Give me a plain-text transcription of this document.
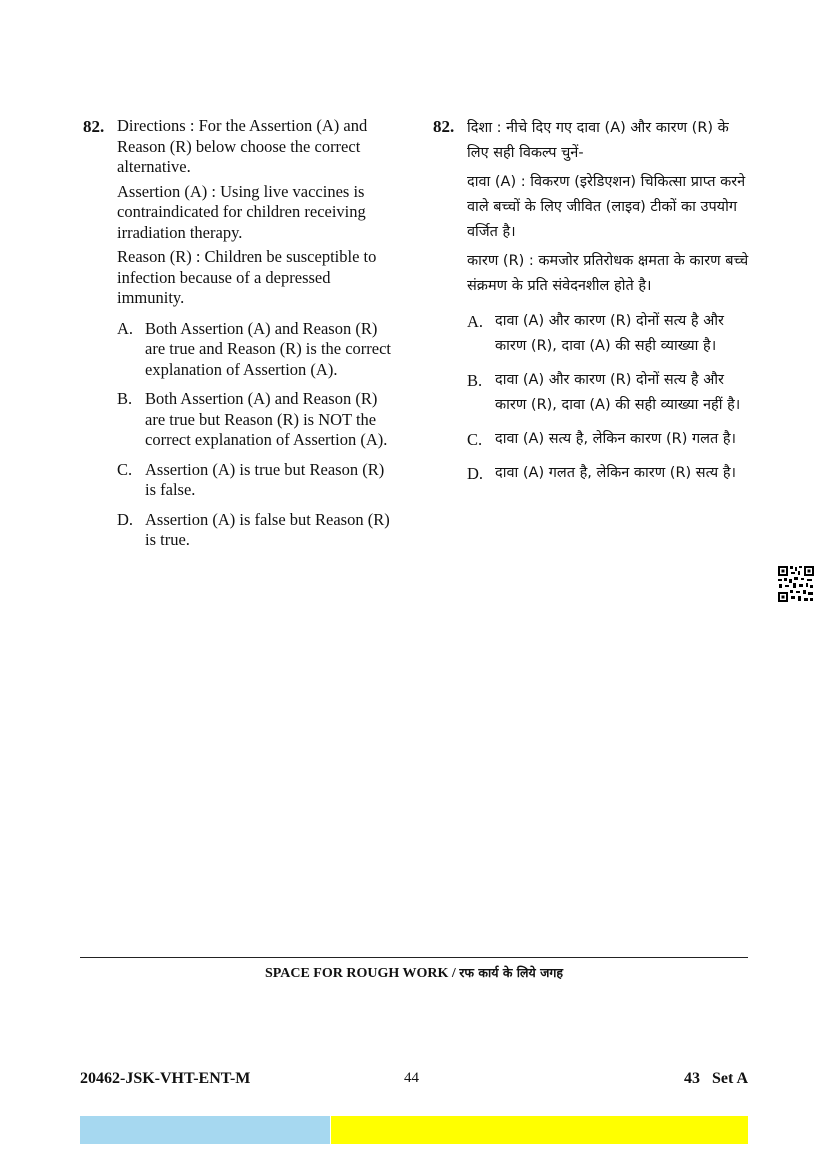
82. Directions : For the Assertion (A) and Reason (R) below choose the correct alternative.

Assertion (A) : Using live vaccines is contraindicated for children receiving irradiation therapy.

Reason (R) : Children be susceptible to infection because of a depressed immunity.

A. Both Assertion (A) and Reason (R) are true and Reason (R) is the correct explanation of Assertion (A).
B. Both Assertion (A) and Reason (R) are true but Reason (R) is NOT the correct explanation of Assertion (A).
C. Assertion (A) is true but Reason (R) is false.
D. Assertion (A) is false but Reason (R) is true.
82. दिशा : नीचे दिए गए दावा (A) और कारण (R) के लिए सही विकल्प चुनें-

दावा (A) : विकरण (इरेडिएशन) चिकित्सा प्राप्त करने वाले बच्चों के लिए जीवित (लाइव) टीकों का उपयोग वर्जित है।

कारण (R) : कमजोर प्रतिरोधक क्षमता के कारण बच्चे संक्रमण के प्रति संवेदनशील होते है।

A. दावा (A) और कारण (R) दोनों सत्य है और कारण (R), दावा (A) की सही व्याख्या है।
B. दावा (A) और कारण (R) दोनों सत्य है और कारण (R), दावा (A) की सही व्याख्या नहीं है।
C. दावा (A) सत्य है, लेकिन कारण (R) गलत है।
D. दावा (A) गलत है, लेकिन कारण (R) सत्य है।
SPACE FOR ROUGH WORK / रफ कार्य के लिये जगह
20462-JSK-VHT-ENT-M	44	43   Set A
